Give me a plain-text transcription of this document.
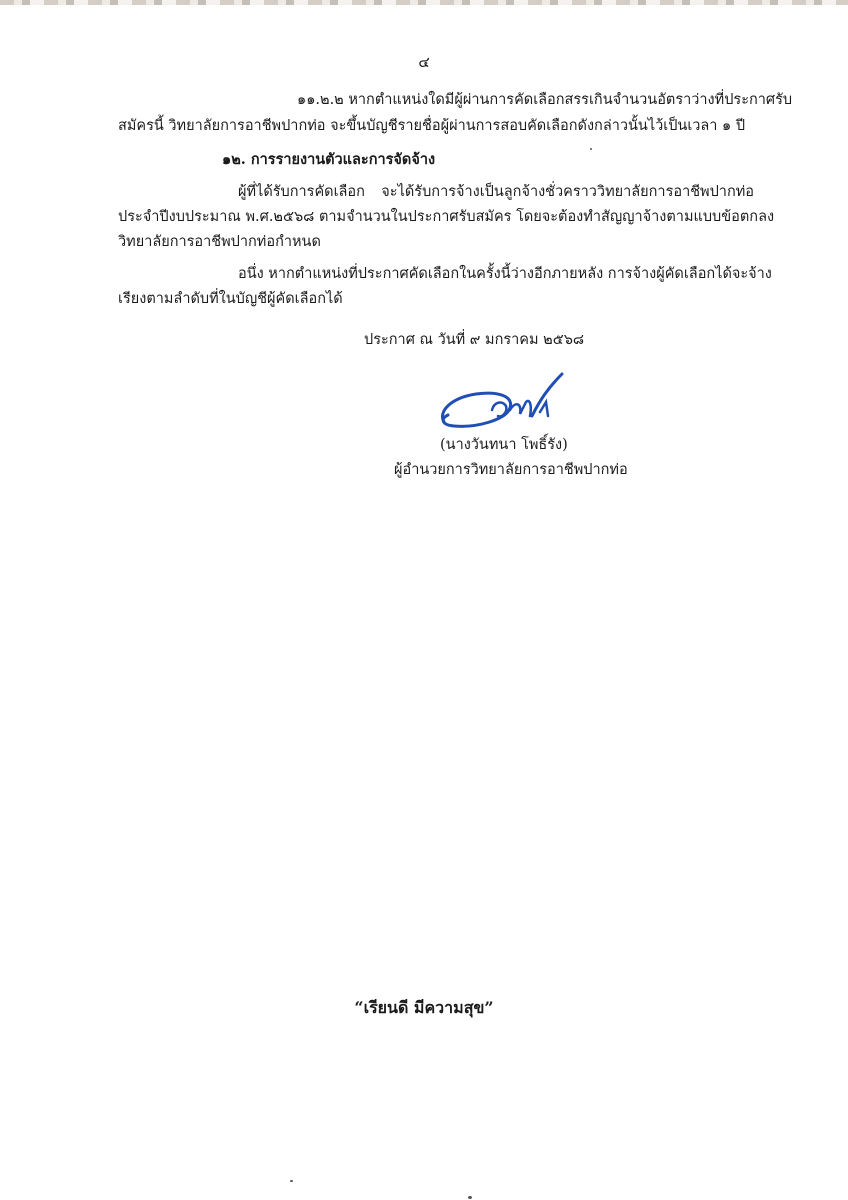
๔
๑๑.๒.๒ หากตำแหน่งใดมีผู้ผ่านการคัดเลือกสรรเกินจำนวนอัตราว่างที่ประกาศรับ
สมัครนี้ วิทยาลัยการอาชีพปากท่อ จะขึ้นบัญชีรายชื่อผู้ผ่านการสอบคัดเลือกดังกล่าวนั้นไว้เป็นเวลา ๑ ปี
๑๒. การรายงานตัวและการจัดจ้าง
ผู้ที่ได้รับการคัดเลือก จะได้รับการจ้างเป็นลูกจ้างชั่วคราววิทยาลัยการอาชีพปากท่อ
ประจำปีงบประมาณ พ.ศ.๒๕๖๘ ตามจำนวนในประกาศรับสมัคร โดยจะต้องทำสัญญาจ้างตามแบบข้อตกลง
วิทยาลัยการอาชีพปากท่อกำหนด
อนึ่ง หากตำแหน่งที่ประกาศคัดเลือกในครั้งนี้ว่างอีกภายหลัง การจ้างผู้คัดเลือกได้จะจ้าง
เรียงตามลำดับที่ในบัญชีผู้คัดเลือกได้
ประกาศ ณ วันที่ ๙ มกราคม ๒๕๖๘
(นางวันทนา โพธิ์รัง)
ผู้อำนวยการวิทยาลัยการอาชีพปากท่อ
“เรียนดี มีความสุข”
